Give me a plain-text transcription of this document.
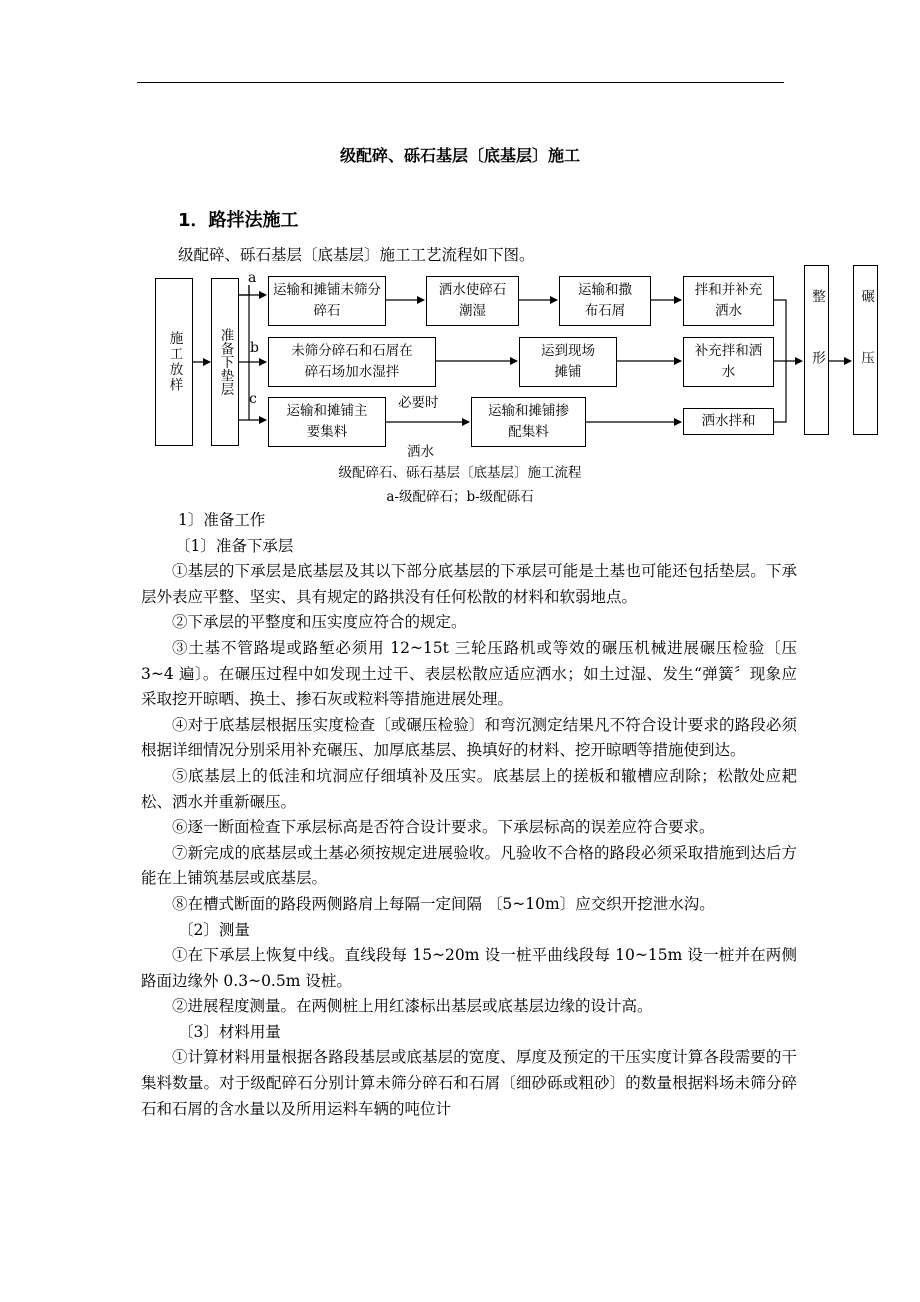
级配碎、砾石基层〔底基层〕施工
1．路拌法施工
级配碎、砾石基层〔底基层〕施工工艺流程如下图。
施工放样	准备下垫层
a
b
c
运输和摊铺未筛分碎石
洒水使碎石潮湿
运输和撒布石屑
拌和并补充洒水
未筛分碎石和石屑在碎石场加水湿拌
运到现场摊铺
补充拌和洒水
运输和摊铺主要集料
必要时
洒水
运输和摊铺掺配集料
洒水拌和
整形 碾压
级配碎石、砾石基层〔底基层〕施工流程
a-级配碎石；b-级配砾石

1〕准备工作

〔1〕准备下承层

①基层的下承层是底基层及其以下部分底基层的下承层可能是土基也可能还包括垫层。下承层外表应平整、坚实、具有规定的路拱没有任何松散的材料和软弱地点。

②下承层的平整度和压实度应符合的规定。

③土基不管路堤或路堑必须用 12~15t 三轮压路机或等效的碾压机械进展碾压检验〔压 3~4 遍〕。在碾压过程中如发现土过干、表层松散应适应洒水；如土过湿、发生“弹簧〞现象应采取挖开晾晒、换土、掺石灰或粒料等措施进展处理。

④对于底基层根据压实度检查〔或碾压检验〕和弯沉测定结果凡不符合设计要求的路段必须根据详细情况分别采用补充碾压、加厚底基层、换填好的材料、挖开晾晒等措施使到达。

⑤底基层上的低洼和坑洞应仔细填补及压实。底基层上的搓板和辙槽应刮除；松散处应耙松、洒水并重新碾压。

⑥逐一断面检查下承层标高是否符合设计要求。下承层标高的误差应符合要求。

⑦新完成的底基层或土基必须按规定进展验收。凡验收不合格的路段必须采取措施到达后方能在上铺筑基层或底基层。

⑧在槽式断面的路段两侧路肩上每隔一定间隔 〔5~10m〕应交织开挖泄水沟。

〔2〕测量

①在下承层上恢复中线。直线段每 15~20m 设一桩平曲线段每 10~15m 设一桩并在两侧路面边缘外 0.3~0.5m 设桩。

②进展程度测量。在两侧桩上用红漆标出基层或底基层边缘的设计高。

〔3〕材料用量

①计算材料用量根据各路段基层或底基层的宽度、厚度及预定的干压实度计算各段需要的干集料数量。对于级配碎石分别计算未筛分碎石和石屑〔细砂砾或粗砂〕的数量根据料场未筛分碎石和石屑的含水量以及所用运料车辆的吨位计
